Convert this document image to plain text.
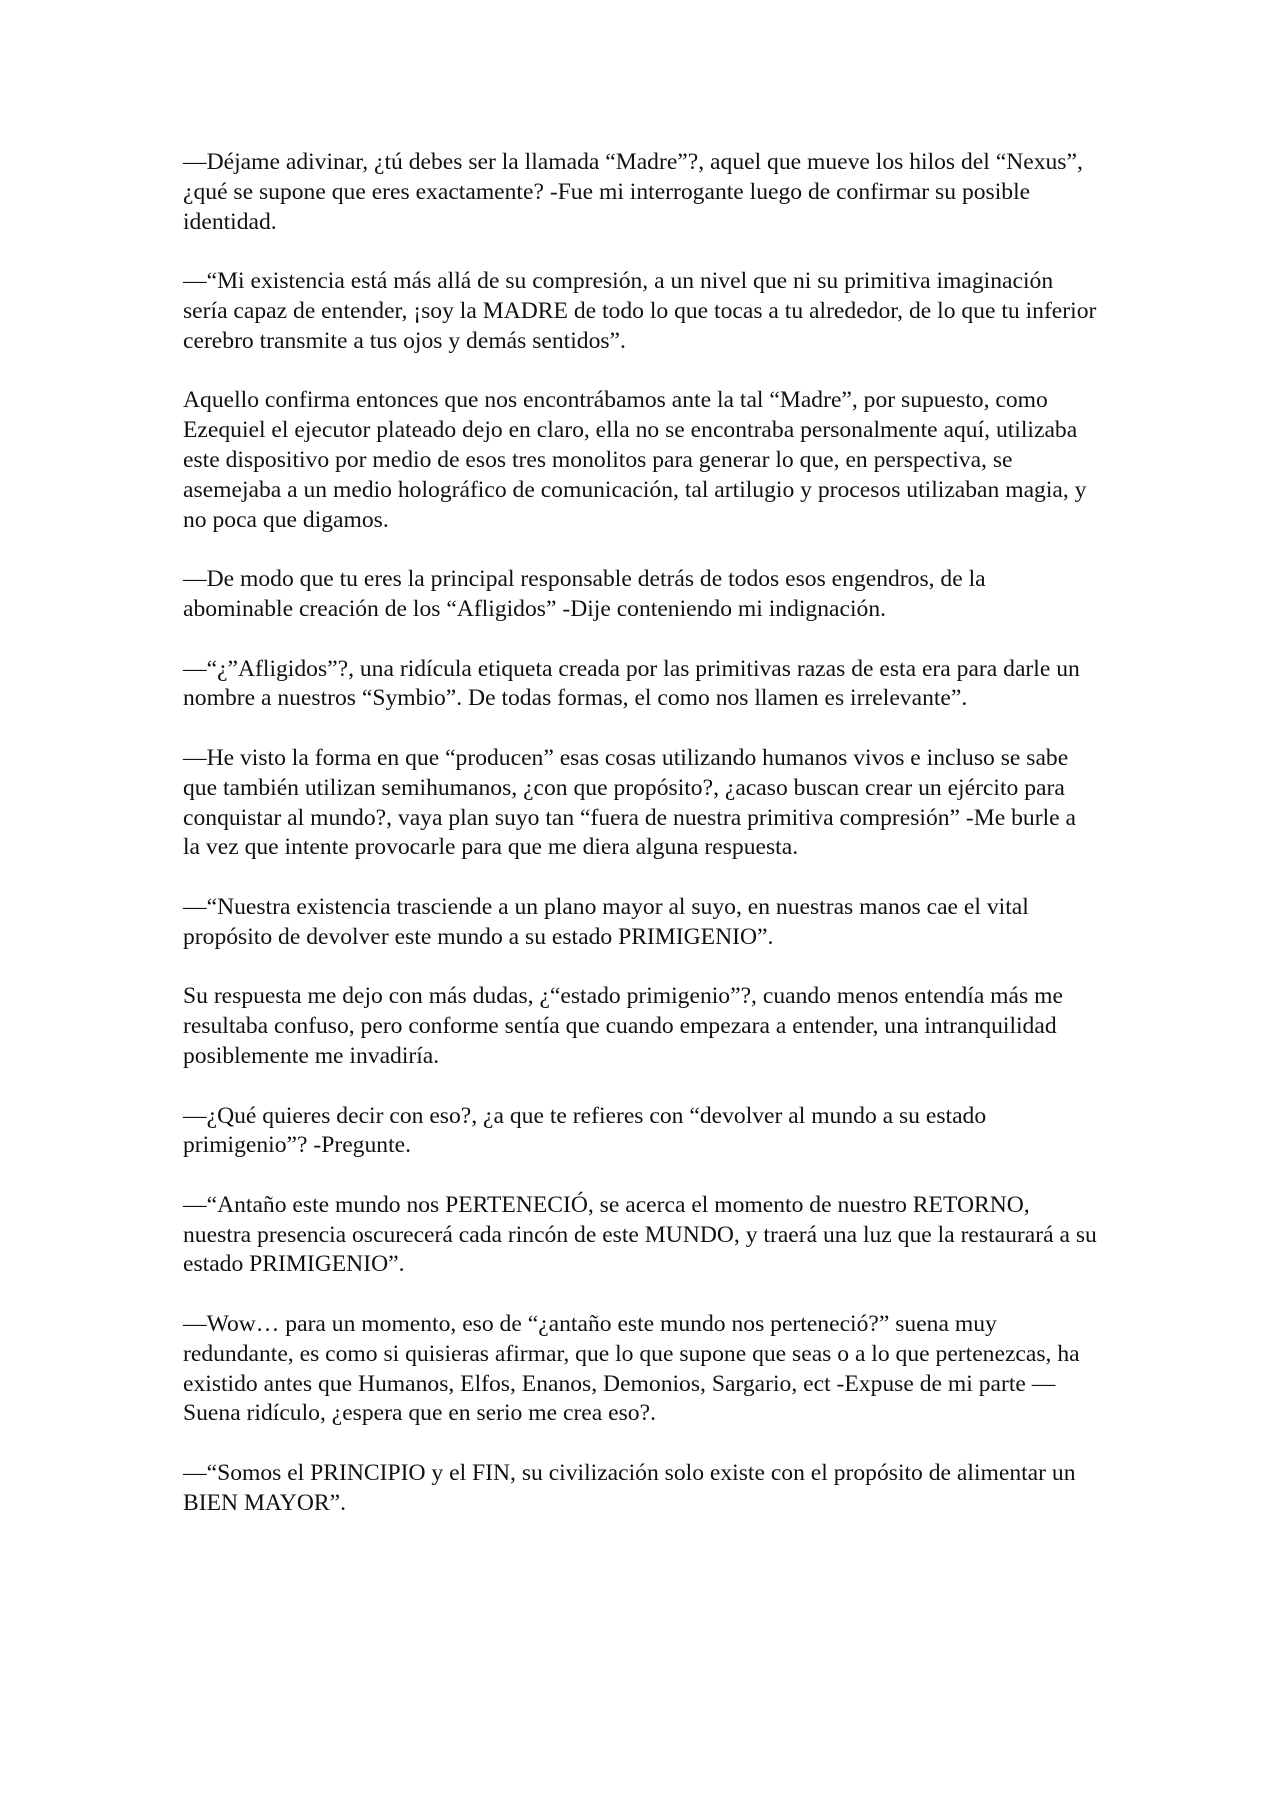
—Déjame adivinar, ¿tú debes ser la llamada “Madre”?, aquel que mueve los hilos del “Nexus”, ¿qué se supone que eres exactamente? -Fue mi interrogante luego de confirmar su posible identidad.

—“Mi existencia está más allá de su compresión, a un nivel que ni su primitiva imaginación sería capaz de entender, ¡soy la MADRE de todo lo que tocas a tu alrededor, de lo que tu inferior cerebro transmite a tus ojos y demás sentidos”.

Aquello confirma entonces que nos encontrábamos ante la tal “Madre”, por supuesto, como Ezequiel el ejecutor plateado dejo en claro, ella no se encontraba personalmente aquí, utilizaba este dispositivo por medio de esos tres monolitos para generar lo que, en perspectiva, se asemejaba a un medio holográfico de comunicación, tal artilugio y procesos utilizaban magia, y no poca que digamos.

—De modo que tu eres la principal responsable detrás de todos esos engendros, de la abominable creación de los “Afligidos” -Dije conteniendo mi indignación.

—“¿”Afligidos”?, una ridícula etiqueta creada por las primitivas razas de esta era para darle un nombre a nuestros “Symbio”. De todas formas, el como nos llamen es irrelevante”.

—He visto la forma en que “producen” esas cosas utilizando humanos vivos e incluso se sabe que también utilizan semihumanos, ¿con que propósito?, ¿acaso buscan crear un ejército para conquistar al mundo?, vaya plan suyo tan “fuera de nuestra primitiva compresión” -Me burle a la vez que intente provocarle para que me diera alguna respuesta.

—“Nuestra existencia trasciende a un plano mayor al suyo, en nuestras manos cae el vital propósito de devolver este mundo a su estado PRIMIGENIO”.

Su respuesta me dejo con más dudas, ¿“estado primigenio”?, cuando menos entendía más me resultaba confuso, pero conforme sentía que cuando empezara a entender, una intranquilidad posiblemente me invadiría.

—¿Qué quieres decir con eso?, ¿a que te refieres con “devolver al mundo a su estado primigenio”? -Pregunte.

—“Antaño este mundo nos PERTENECIÓ, se acerca el momento de nuestro RETORNO, nuestra presencia oscurecerá cada rincón de este MUNDO, y traerá una luz que la restaurará a su estado PRIMIGENIO”.

—Wow… para un momento, eso de “¿antaño este mundo nos perteneció?” suena muy redundante, es como si quisieras afirmar, que lo que supone que seas o a lo que pertenezcas, ha existido antes que Humanos, Elfos, Enanos, Demonios, Sargario, ect -Expuse de mi parte —Suena ridículo, ¿espera que en serio me crea eso?.

—“Somos el PRINCIPIO y el FIN, su civilización solo existe con el propósito de alimentar un BIEN MAYOR”.
